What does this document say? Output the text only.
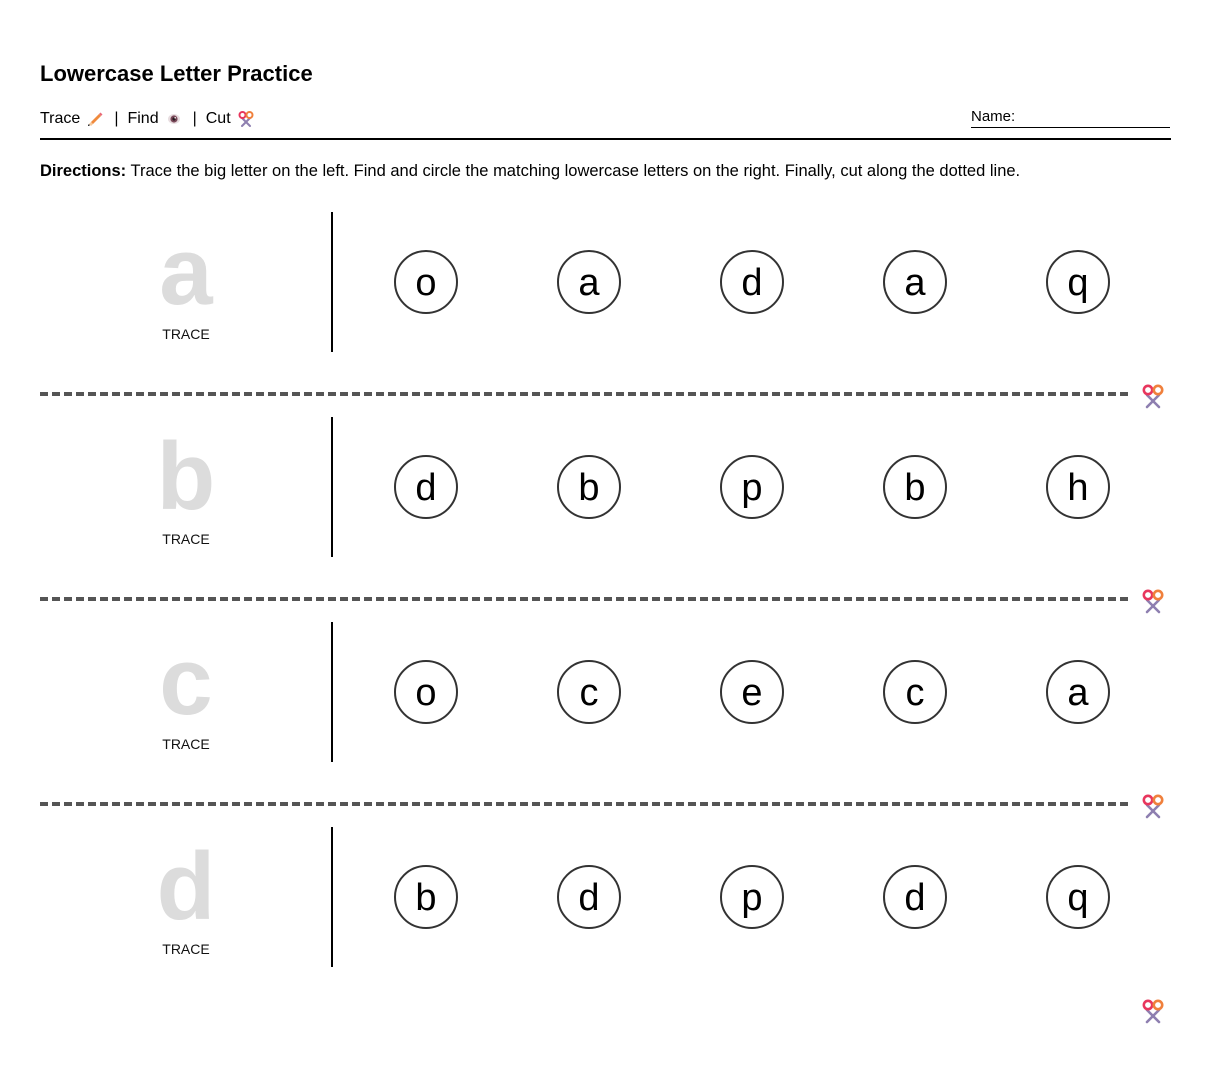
Lowercase Letter Practice
Trace | Find | Cut	Name:
Directions: Trace the big letter on the left. Find and circle the matching lowercase letters on the right. Finally, cut along the dotted line.
a
TRACE
o	a	d	a	q
b
TRACE
d	b	p	b	h
c
TRACE
o	c	e	c	a
d
TRACE
b	d	p	d	q
